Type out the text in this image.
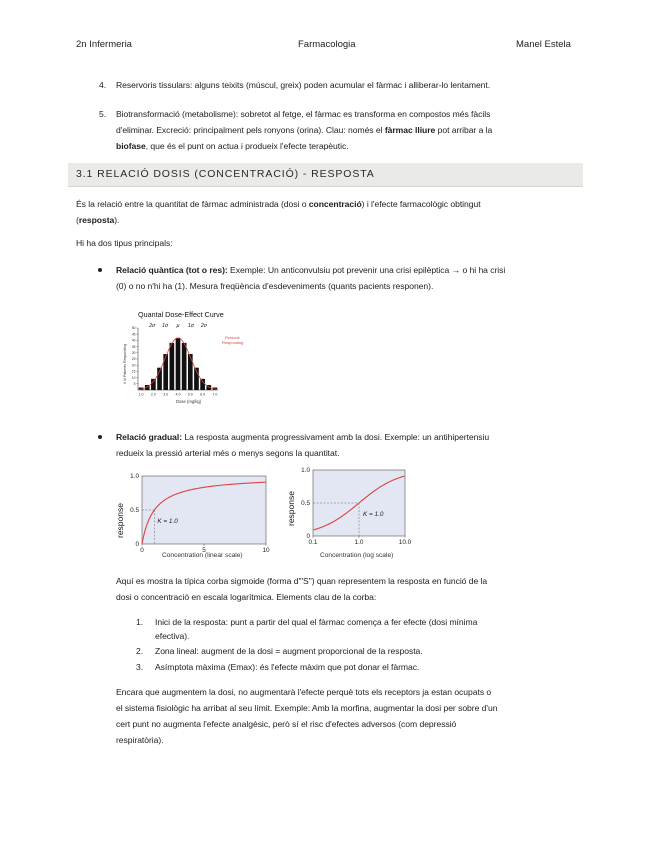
2n Infermeria	Farmacologia	Manel Estela
4. Reservoris tissulars: alguns teixits (múscul, greix) poden acumular el fàrmac i alliberar-lo lentament.
5. Biotransformació (metabolisme): sobretot al fetge, el fàrmac es transforma en compostos més fàcils
d'eliminar. Excreció: principalment pels ronyons (orina). Clau: només el fàrmac lliure pot arribar a la
biofase, que és el punt on actua i produeix l'efecte terapèutic.
3.1 RELACIÓ DOSIS (CONCENTRACIÓ) - RESPOSTA
És la relació entre la quantitat de fàrmac administrada (dosi o concentració) i l'efecte farmacològic obtingut
(resposta).
Hi ha dos tipus principals:
Relació quàntica (tot o res): Exemple: Un anticonvulsiu pot prevenir una crisi epilèptica → o hi ha crisi
(0) o no n'hi ha (1). Mesura freqüència d'esdeveniments (quants pacients responen).
Quantal Dose-Effect Curve
# of Patients Responding
Dose (mg/kg)
Persons
Responding
5
10
15
20
25
30
35
40
45
50	2σ 1σ μ 1σ 2σ
1.0 2.0 3.0 4.0 5.0 6.0 7.0
Relació gradual: La resposta augmenta progressivament amb la dosi. Exemple: un antihipertensiu
redueix la pressió arterial més o menys segons la quantitat.
response
Concentration (linear scale)
K = 1.0
0
0.5
1.0
0	5	10
response
Concentration (log scale)
K = 1.0
0
0.5
1.0
0.1	1.0	10.0
Aquí es mostra la típica corba sigmoide (forma d'"S") quan representem la resposta en funció de la
dosi o concentració en escala logarítmica. Elements clau de la corba:
1. Inici de la resposta: punt a partir del qual el fàrmac comença a fer efecte (dosi mínima
efectiva).
2. Zona lineal: augment de la dosi = augment proporcional de la resposta.
3. Asímptota màxima (Emax): és l'efecte màxim que pot donar el fàrmac.
Encara que augmentem la dosi, no augmentarà l'efecte perquè tots els receptors ja estan ocupats o
el sistema fisiològic ha arribat al seu límit. Exemple: Amb la morfina, augmentar la dosi per sobre d'un
cert punt no augmenta l'efecte analgèsic, però sí el risc d'efectes adversos (com depressió
respiratòria).
